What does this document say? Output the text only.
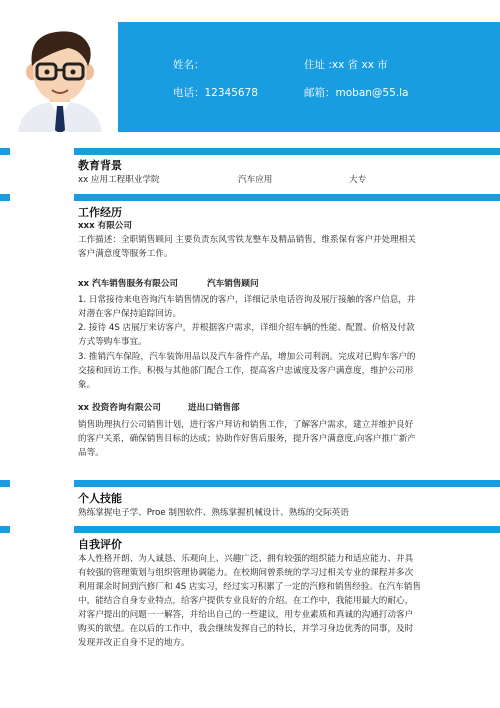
姓名：	住址 :xx 省 xx 市
电话：12345678	邮箱：moban@55.la
教育背景
xx 应用工程职业学院	汽车应用	大专
工作经历
xxx 有限公司
工作描述：全职销售顾问 主要负责东风雪铁龙整车及精品销售，维系保有客户并处理相关
客户满意度等服务工作。
xx 汽车销售服务有限公司	汽车销售顾问
1. 日常接待来电咨询汽车销售情况的客户，详细记录电话咨询及展厅接触的客户信息，并
对潜在客户保持追踪回访。
2. 接待 4S 店展厅来访客户，并根据客户需求，详细介绍车辆的性能、配置、价格及付款
方式等购车事宜。
3. 推销汽车保险，汽车装饰用品以及汽车备件产品，增加公司利润。完成对已购车客户的
交接和回访工作。积极与其他部门配合工作，提高客户忠诚度及客户满意度，维护公司形
象。
xx 投资咨询有限公司	进出口销售部
销售助理执行公司销售计划，进行客户拜访和销售工作，了解客户需求，建立并维护良好
的客户关系，确保销售目标的达成；协助作好售后服务，提升客户满意度,向客户推广新产
品等。
个人技能
熟练掌握电子学、Proe 制图软件、熟练掌握机械设计、熟练的交际英语
自我评价
本人性格开朗、为人诚恳、乐观向上、兴趣广泛、拥有较强的组织能力和适应能力、并具
有较强的管理策划与组织管理协调能力。在校期间曾系统的学习过相关专业的课程并多次
利用课余时间到汽修厂和 4S 店实习，经过实习积累了一定的汽修和销售经验。在汽车销售
中，能结合自身专业特点，给客户提供专业良好的介绍。在工作中，我能用最大的耐心，
对客户提出的问题一一解答，并给出自己的一些建议，用专业素质和真诚的沟通打动客户
购买的欲望。在以后的工作中，我会继续发挥自己的特长，并学习身边优秀的同事，及时
发现并改正自身不足的地方。
